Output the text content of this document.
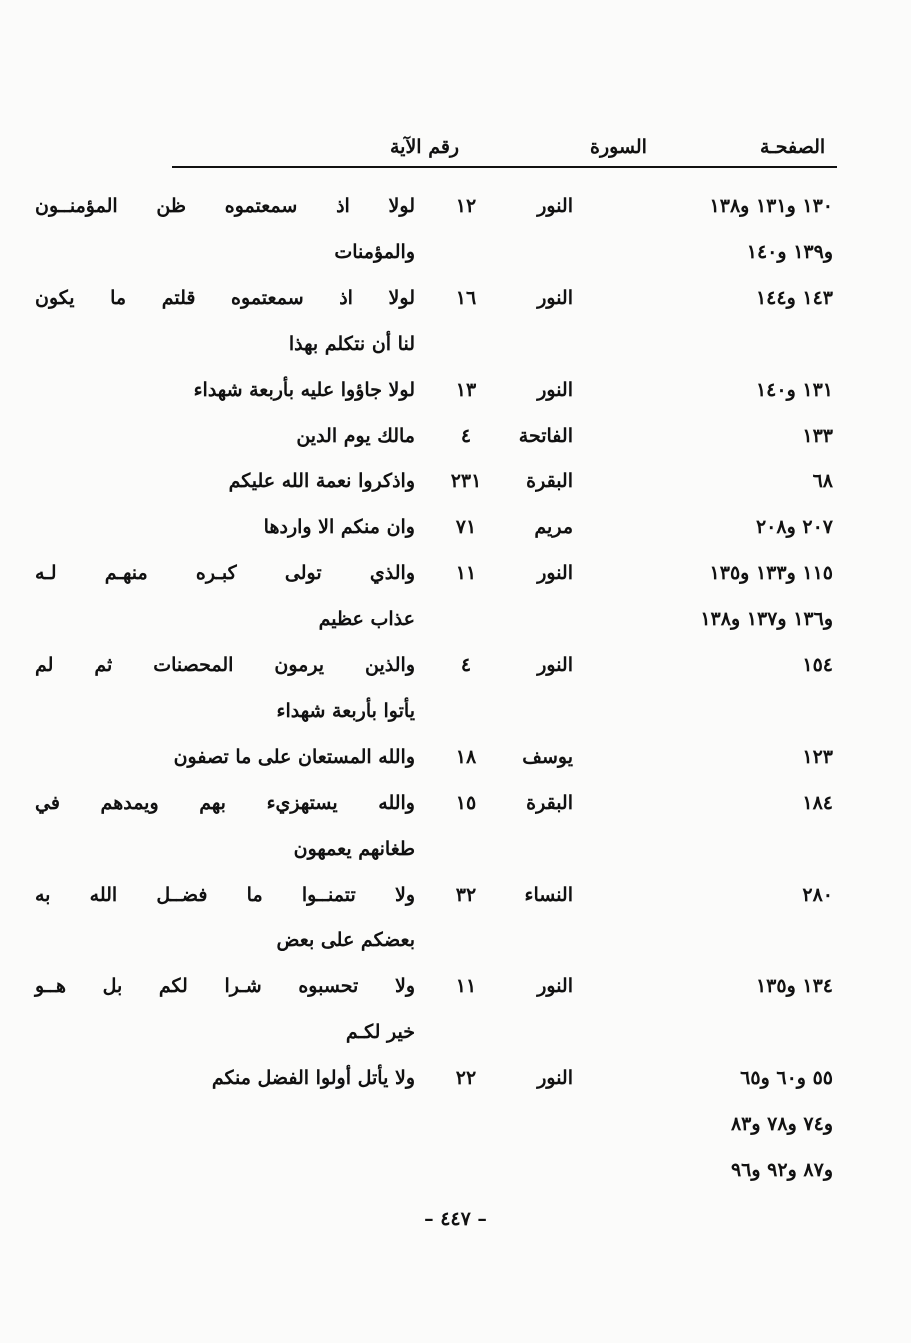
الصفحـة
السورة
رقم الآية
١٣٠ و١٣١ و١٣٨
و١٣٩ و١٤٠
النور
١٢
لولا اذ سمعتموه ظن المؤمنــون
والمؤمنات
١٤٣ و١٤٤
النور
١٦
لولا اذ سمعتموه قلتم ما يكون
لنا أن نتكلم بهذا
١٣١ و١٤٠
النور
١٣
لولا جاؤوا عليه بأربعة شهداء
١٣٣
الفاتحة
٤
مالك يوم الدين
٦٨
البقرة
٢٣١
واذكروا نعمة الله عليكم
٢٠٧ و٢٠٨
مريم
٧١
وان منكم الا واردها
١١٥ و١٣٣ و١٣٥
و١٣٦ و١٣٧ و١٣٨
النور
١١
والذي تولى كبـره منهـم لـه
عذاب عظيم
١٥٤
النور
٤
والذين يرمون المحصنات ثم لم
يأتوا بأربعة شهداء
١٢٣
يوسف
١٨
والله المستعان على ما تصفون
١٨٤
البقرة
١٥
والله يستهزيء بهم ويمدهم في
طغانهم يعمهون
٢٨٠
النساء
٣٢
ولا تتمنــوا ما فضــل الله به
بعضكم على بعض
١٣٤ و١٣٥
النور
١١
ولا تحسبوه شـرا لكم بل هــو
خير لكـم
٥٥ و٦٠ و٦٥
و٧٤ و٧٨ و٨٣
و٨٧ و٩٢ و٩٦
النور
٢٢
ولا يأتل أولوا الفضل منكم
– ٤٤٧ –
